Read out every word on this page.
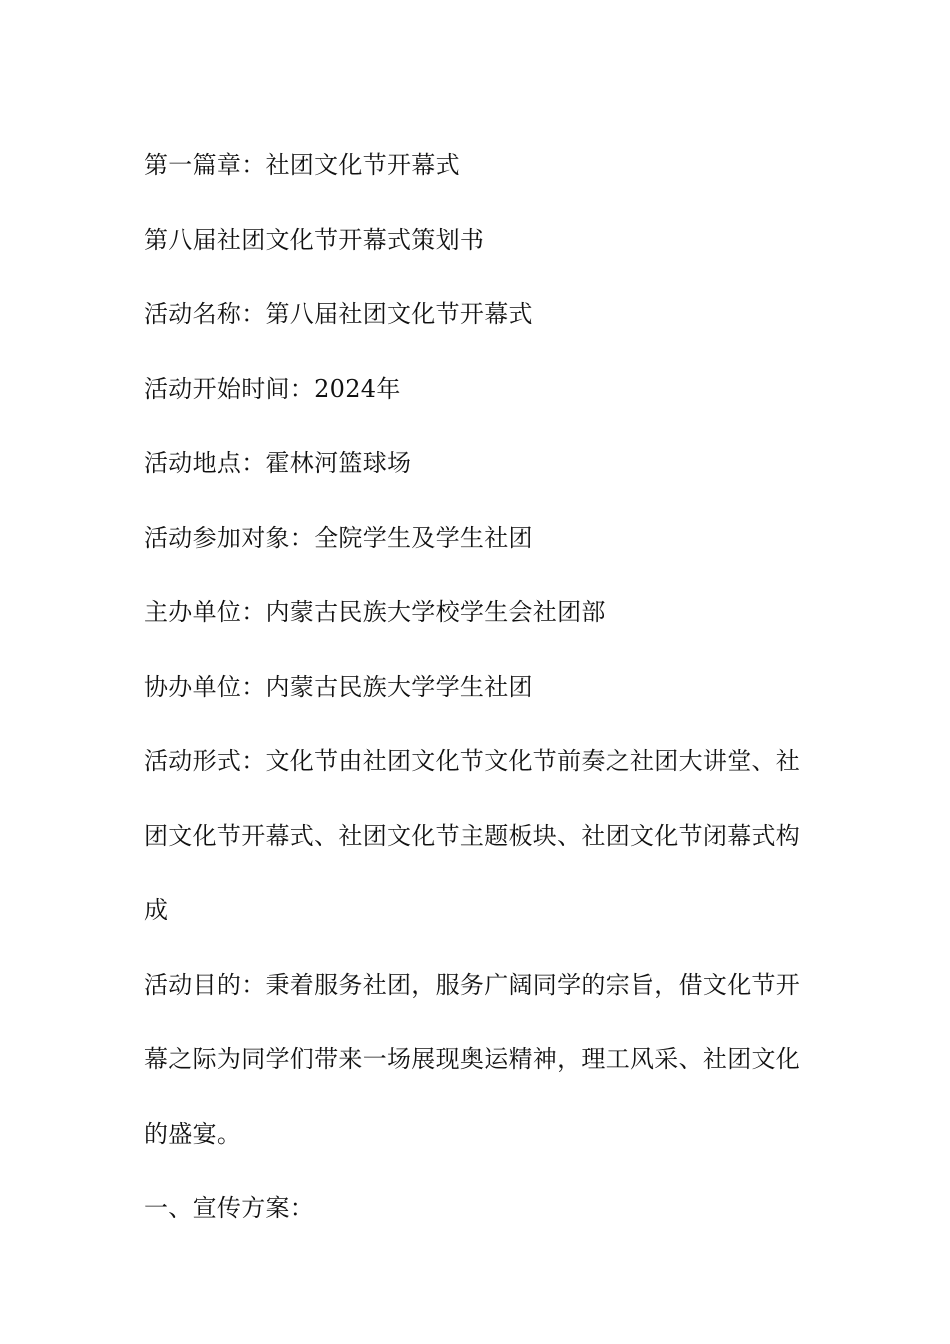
第一篇章：社团文化节开幕式

第八届社团文化节开幕式策划书

活动名称：第八届社团文化节开幕式

活动开始时间：2024年

活动地点：霍林河篮球场

活动参加对象：全院学生及学生社团

主办单位：内蒙古民族大学校学生会社团部

协办单位：内蒙古民族大学学生社团

活动形式：文化节由社团文化节文化节前奏之社团大讲堂、社团文化节开幕式、社团文化节主题板块、社团文化节闭幕式构成

活动目的：秉着服务社团，服务广阔同学的宗旨，借文化节开幕之际为同学们带来一场展现奥运精神，理工风采、社团文化的盛宴。

一、宣传方案：
